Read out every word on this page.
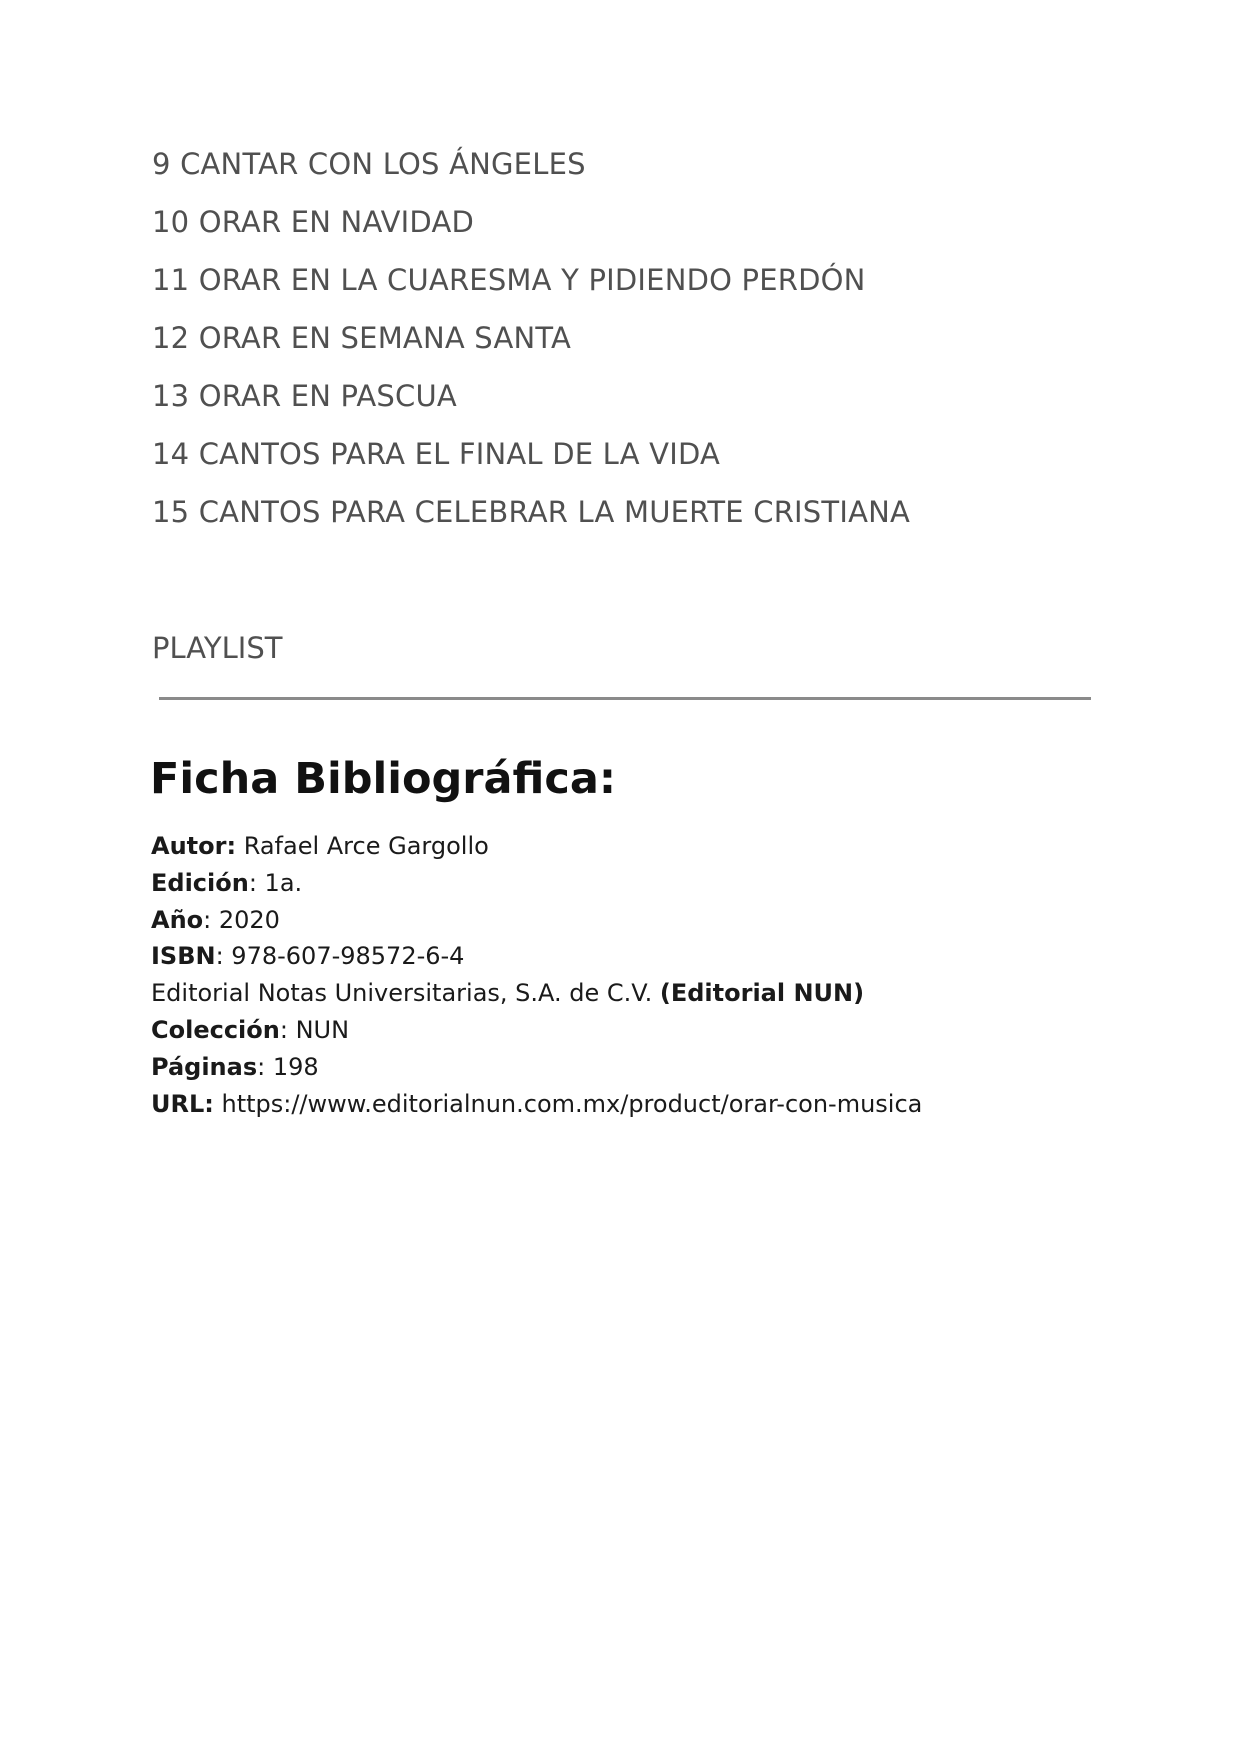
9 CANTAR CON LOS ÁNGELES
10 ORAR EN NAVIDAD
11 ORAR EN LA CUARESMA Y PIDIENDO PERDÓN
12 ORAR EN SEMANA SANTA
13 ORAR EN PASCUA
14 CANTOS PARA EL FINAL DE LA VIDA
15 CANTOS PARA CELEBRAR LA MUERTE CRISTIANA
PLAYLIST
Ficha Bibliográfica:
Autor: Rafael Arce Gargollo
Edición: 1a.
Año: 2020
ISBN: 978-607-98572-6-4
Editorial Notas Universitarias, S.A. de C.V. (Editorial NUN)
Colección: NUN
Páginas: 198
URL: https://www.editorialnun.com.mx/product/orar-con-musica
